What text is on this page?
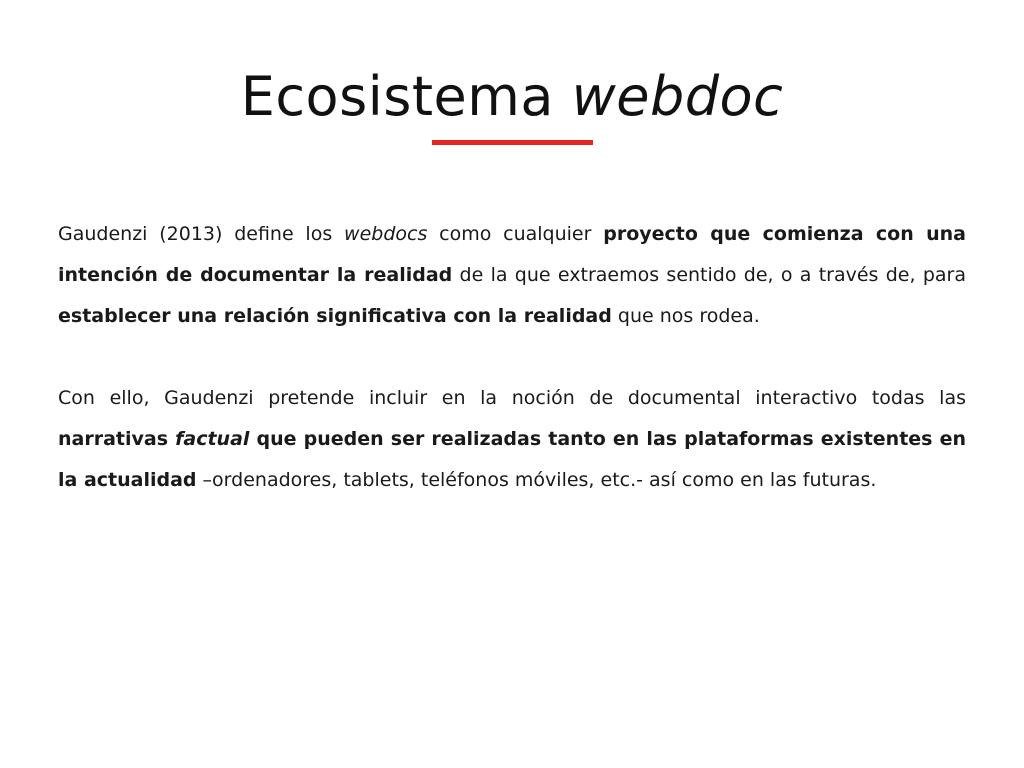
Ecosistema webdoc

Gaudenzi (2013) define los webdocs como cualquier proyecto que comienza con una intención de documentar la realidad de la que extraemos sentido de, o a través de, para establecer una relación significativa con la realidad que nos rodea.

Con ello, Gaudenzi pretende incluir en la noción de documental interactivo todas las narrativas factual que pueden ser realizadas tanto en las plataformas existentes en la actualidad –ordenadores, tablets, teléfonos móviles, etc.- así como en las futuras.
